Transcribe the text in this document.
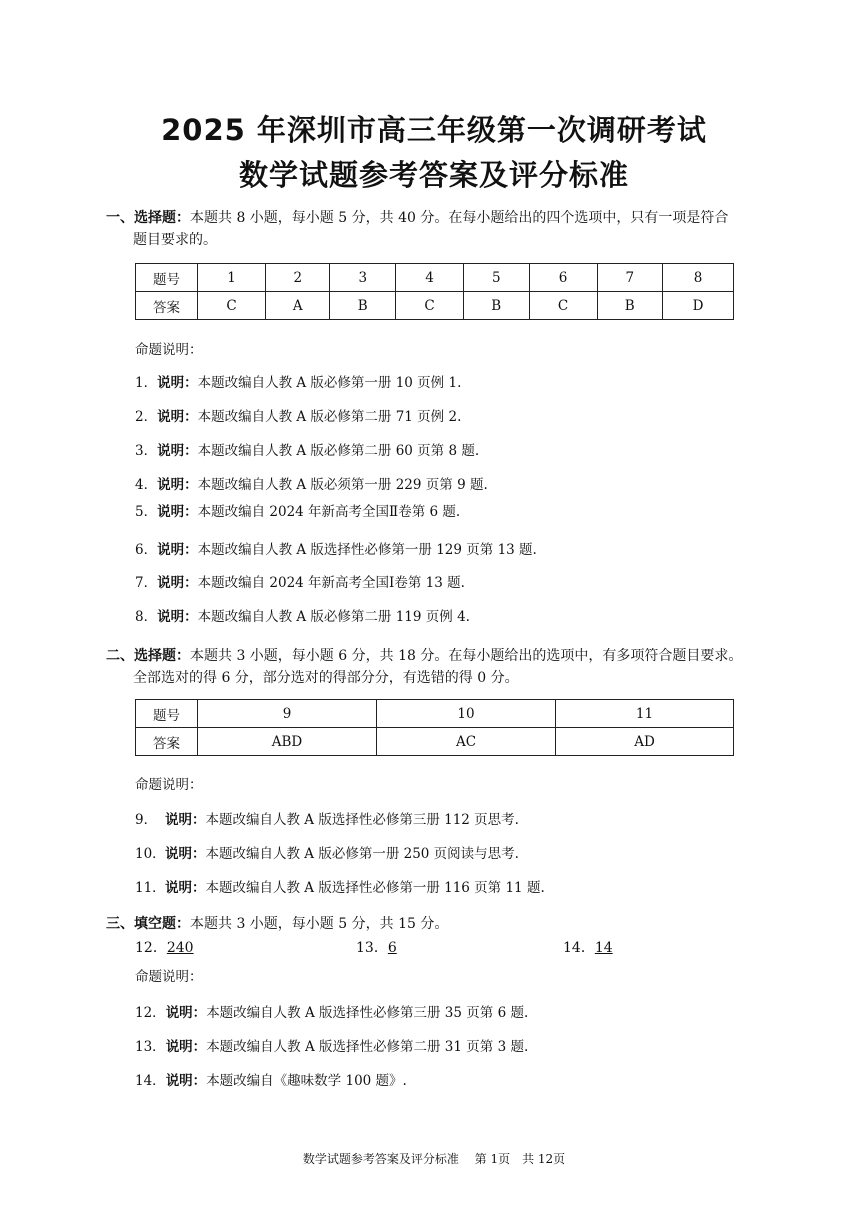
2025 年深圳市高三年级第一次调研考试
数学试题参考答案及评分标准
一、选择题：本题共 8 小题，每小题 5 分，共 40 分。在每小题给出的四个选项中，只有一项是符合
题目要求的。
题号	1	2	3	4	5	6	7	8
答案	C	A	B	C	B	C	B	D
命题说明：
1．说明：本题改编自人教 A 版必修第一册 10 页例 1.
2．说明：本题改编自人教 A 版必修第二册 71 页例 2.
3．说明：本题改编自人教 A 版必修第二册 60 页第 8 题.
4．说明：本题改编自人教 A 版必须第一册 229 页第 9 题.
5．说明：本题改编自 2024 年新高考全国Ⅱ卷第 6 题.
6．说明：本题改编自人教 A 版选择性必修第一册 129 页第 13 题.
7．说明：本题改编自 2024 年新高考全国Ⅰ卷第 13 题.
8．说明：本题改编自人教 A 版必修第二册 119 页例 4.
二、选择题：本题共 3 小题，每小题 6 分，共 18 分。在每小题给出的选项中，有多项符合题目要求。
全部选对的得 6 分，部分选对的得部分分，有选错的得 0 分。
题号	9	10	11
答案	ABD	AC	AD
命题说明：
9． 说明：本题改编自人教 A 版选择性必修第三册 112 页思考.
10．说明：本题改编自人教 A 版必修第一册 250 页阅读与思考.
11．说明：本题改编自人教 A 版选择性必修第一册 116 页第 11 题.
三、填空题：本题共 3 小题，每小题 5 分，共 15 分。
12．240	13．6	14．14
命题说明：
12．说明：本题改编自人教 A 版选择性必修第三册 35 页第 6 题.
13．说明：本题改编自人教 A 版选择性必修第二册 31 页第 3 题.
14．说明：本题改编自《趣味数学 100 题》.
数学试题参考答案及评分标准　 第 1页　共 12页
